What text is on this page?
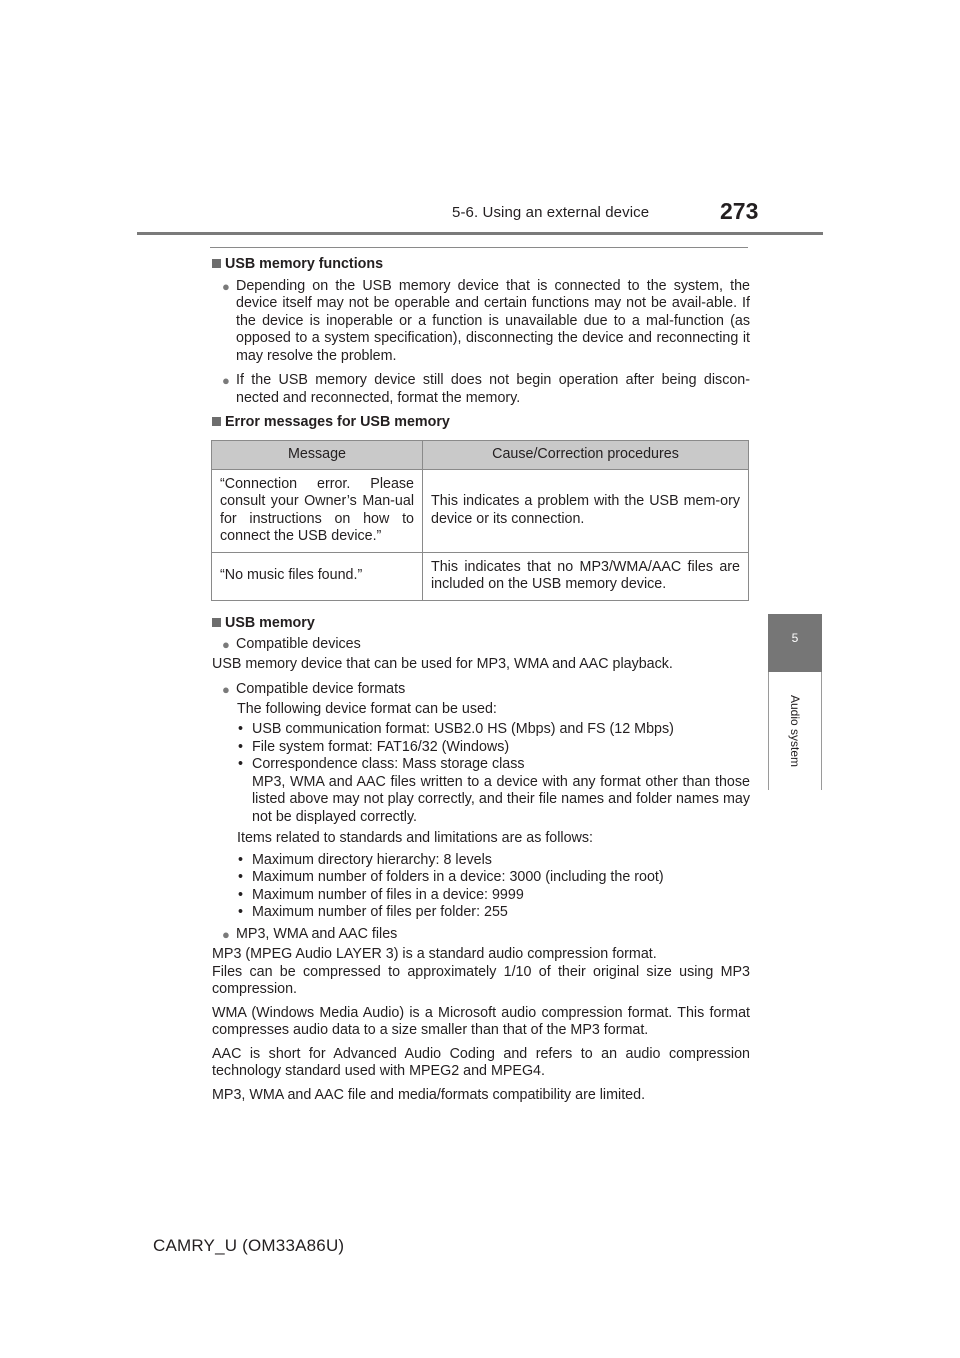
5-6. Using an external device	273
5
Audio system
USB memory functions
● Depending on the USB memory device that is connected to the system, the device itself may not be operable and certain functions may not be avail-able. If the device is inoperable or a function is unavailable due to a mal-function (as opposed to a system specification), disconnecting the device and reconnecting it may resolve the problem.
● If the USB memory device still does not begin operation after being discon-nected and reconnected, format the memory.
Error messages for USB memory
Message	Cause/Correction procedures
“Connection error. Please consult your Owner’s Man-ual for instructions on how to connect the USB device.”	This indicates a problem with the USB mem-ory device or its connection.
“No music files found.”	This indicates that no MP3/WMA/AAC files are included on the USB memory device.
USB memory
● Compatible devices
USB memory device that can be used for MP3, WMA and AAC playback.
● Compatible device formats
The following device format can be used:
• USB communication format: USB2.0 HS (Mbps) and FS (12 Mbps)
• File system format: FAT16/32 (Windows)
• Correspondence class: Mass storage class
MP3, WMA and AAC files written to a device with any format other than those listed above may not play correctly, and their file names and folder names may not be displayed correctly.
Items related to standards and limitations are as follows:
• Maximum directory hierarchy: 8 levels
• Maximum number of folders in a device: 3000 (including the root)
• Maximum number of files in a device: 9999
• Maximum number of files per folder: 255
● MP3, WMA and AAC files
MP3 (MPEG Audio LAYER 3) is a standard audio compression format.
Files can be compressed to approximately 1/10 of their original size using MP3 compression.
WMA (Windows Media Audio) is a Microsoft audio compression format. This format compresses audio data to a size smaller than that of the MP3 format.
AAC is short for Advanced Audio Coding and refers to an audio compression technology standard used with MPEG2 and MPEG4.
MP3, WMA and AAC file and media/formats compatibility are limited.
CAMRY_U (OM33A86U)
